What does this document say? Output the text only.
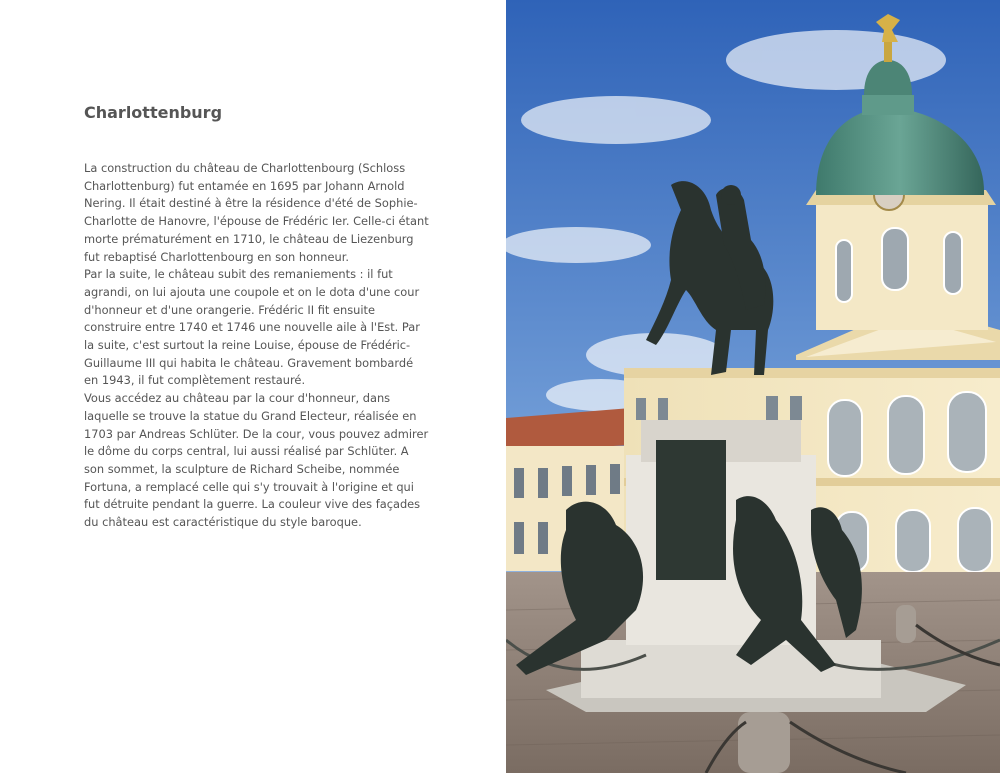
Charlottenburg

La construction du château de Charlottenbourg (Schloss Charlottenburg) fut entamée en 1695 par Johann Arnold Nering. Il était destiné à être la résidence d'été de Sophie-Charlotte de Hanovre, l'épouse de Frédéric Ier. Celle-ci étant morte prématurément en 1710, le château de Liezenburg fut rebaptisé Charlottenbourg en son honneur.

Par la suite, le château subit des remaniements : il fut agrandi, on lui ajouta une coupole et on le dota d'une cour d'honneur et d'une orangerie. Frédéric II fit ensuite construire entre 1740 et 1746 une nouvelle aile à l'Est. Par la suite, c'est surtout la reine Louise, épouse de Frédéric-Guillaume III qui habita le château. Gravement bombardé en 1943, il fut complètement restauré.

Vous accédez au château par la cour d'honneur, dans laquelle se trouve la statue du Grand Electeur, réalisée en 1703 par Andreas Schlüter. De la cour, vous pouvez admirer le dôme du corps central, lui aussi réalisé par Schlüter. A son sommet, la sculpture de Richard Scheibe, nommée Fortuna, a remplacé celle qui s'y trouvait à l'origine et qui fut détruite pendant la guerre. La couleur vive des façades du château est caractéristique du style baroque.
